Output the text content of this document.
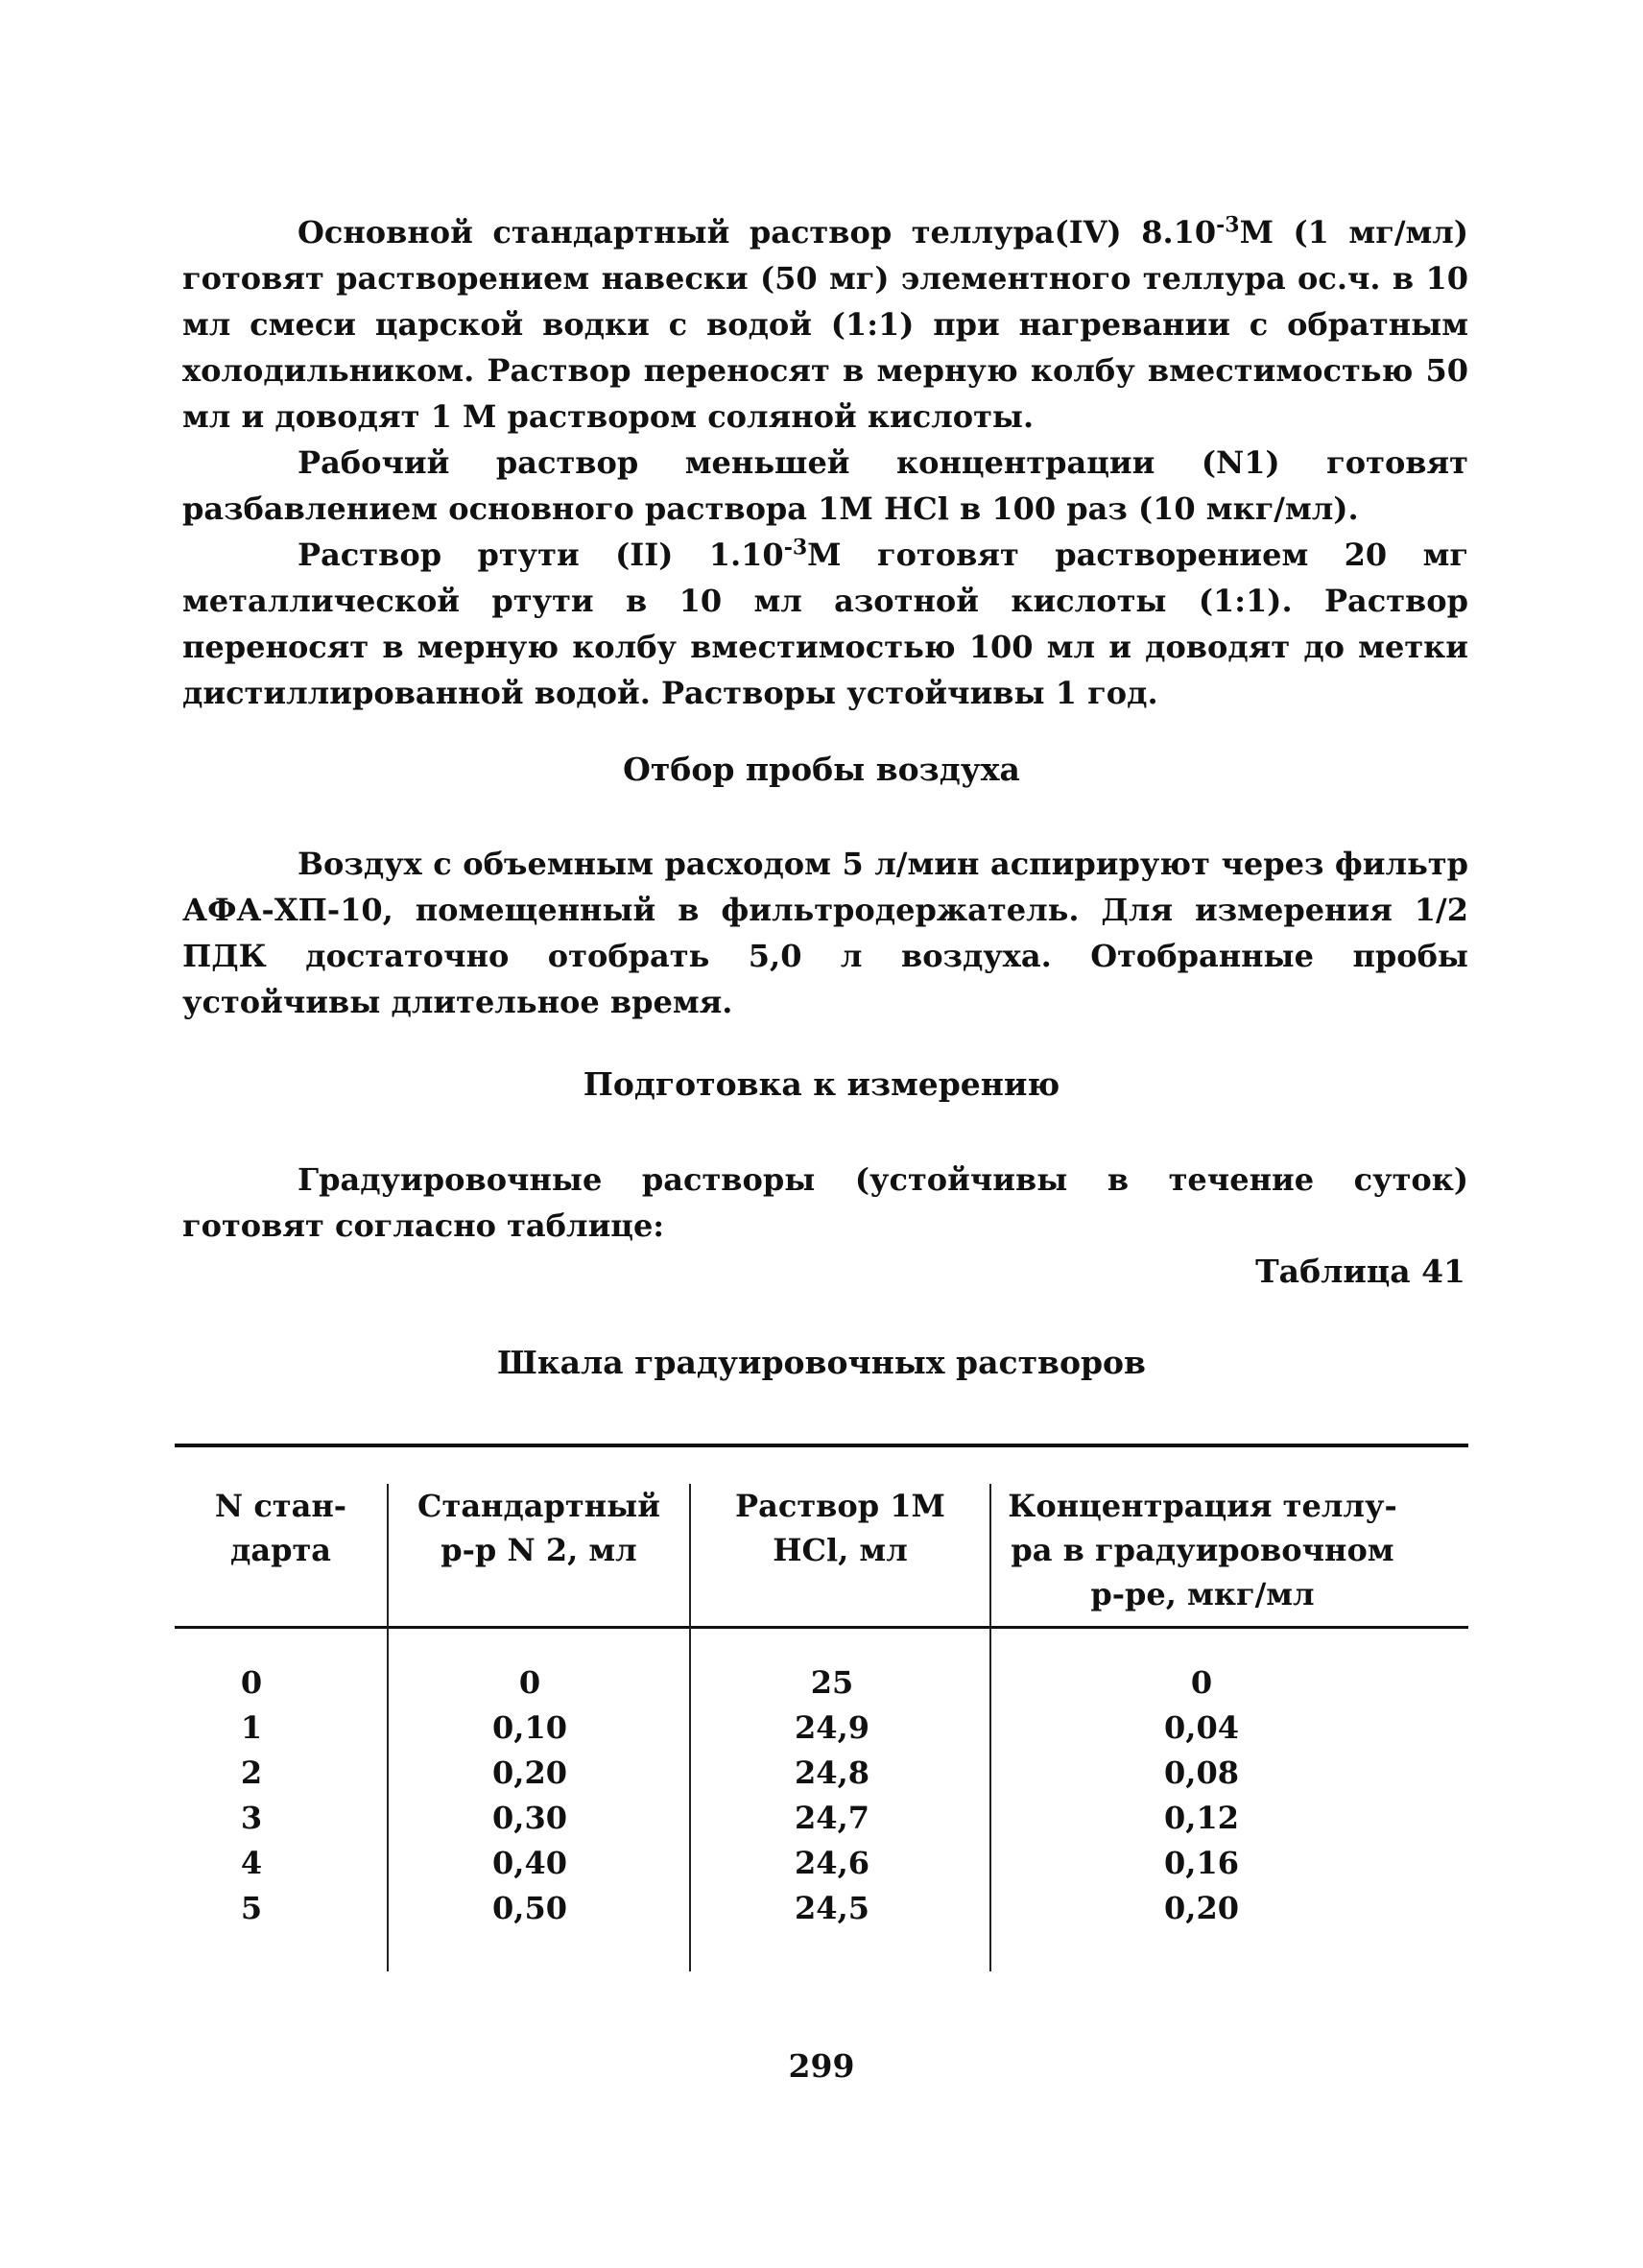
Основной стандартный раствор теллура(IV) $8.10^{-3}М$ (1 мг/мл) готовят растворением навески (50 мг) элементного теллура ос.ч. в 10 мл смеси царской водки с водой (1:1) при нагревании с обратным холодильником. Раствор переносят в мерную колбу вместимостью 50 мл и доводят 1 М раствором соляной кислоты.

Рабочий раствор меньшей концентрации (N1) готовят разбавлением основного раствора 1М HCl в 100 раз (10 мкг/мл).

Раствор ртути (II) $1.10^{-3}М$ готовят растворением 20 мг металлической ртути в 10 мл азотной кислоты (1:1). Раствор переносят в мерную колбу вместимостью 100 мл и доводят до метки дистиллированной водой. Растворы устойчивы 1 год.

Отбор пробы воздуха

Воздух с объемным расходом 5 л/мин аспирируют через фильтр АФА-ХП-10, помещенный в фильтродержатель. Для измерения 1/2 ПДК достаточно отобрать 5,0 л воздуха. Отобранные пробы устойчивы длительное время.

Подготовка к измерению

Градуировочные растворы (устойчивы в течение суток) готовят согласно таблице:

Таблица 41

Шкала градуировочных растворов

N стан-
дарта

Стандартный
р-р N 2, мл

Раствор 1М
HCl, мл

Концентрация теллу-
ра в градуировочном
р-ре, мкг/мл

0
1
2
3
4
5
0
0,10
0,20
0,30
0,40
0,50
25
24,9
24,8
24,7
24,6
24,5
0
0,04
0,08
0,12
0,16
0,20

299
